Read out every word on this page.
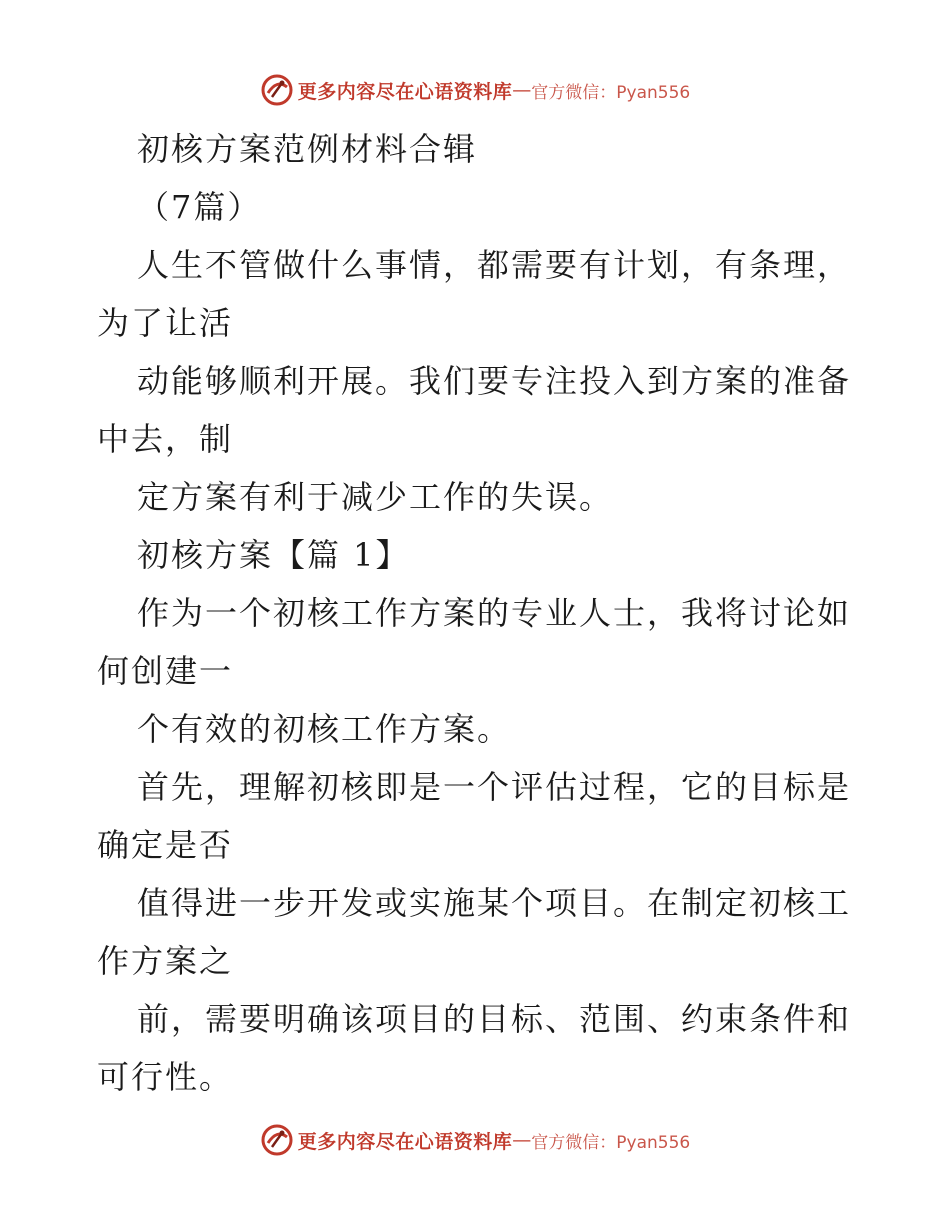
更多内容尽在心语资料库 — 官方微信：Pyan556
初核方案范例材料合辑
（7篇）
人生不管做什么事情，都需要有计划，有条理，
为了让活
动能够顺利开展。我们要专注投入到方案的准备
中去，制
定方案有利于减少工作的失误。
初核方案【篇 1】
作为一个初核工作方案的专业人士，我将讨论如
何创建一
个有效的初核工作方案。
首先，理解初核即是一个评估过程，它的目标是
确定是否
值得进一步开发或实施某个项目。在制定初核工
作方案之
前，需要明确该项目的目标、范围、约束条件和
可行性。
更多内容尽在心语资料库 — 官方微信：Pyan556
